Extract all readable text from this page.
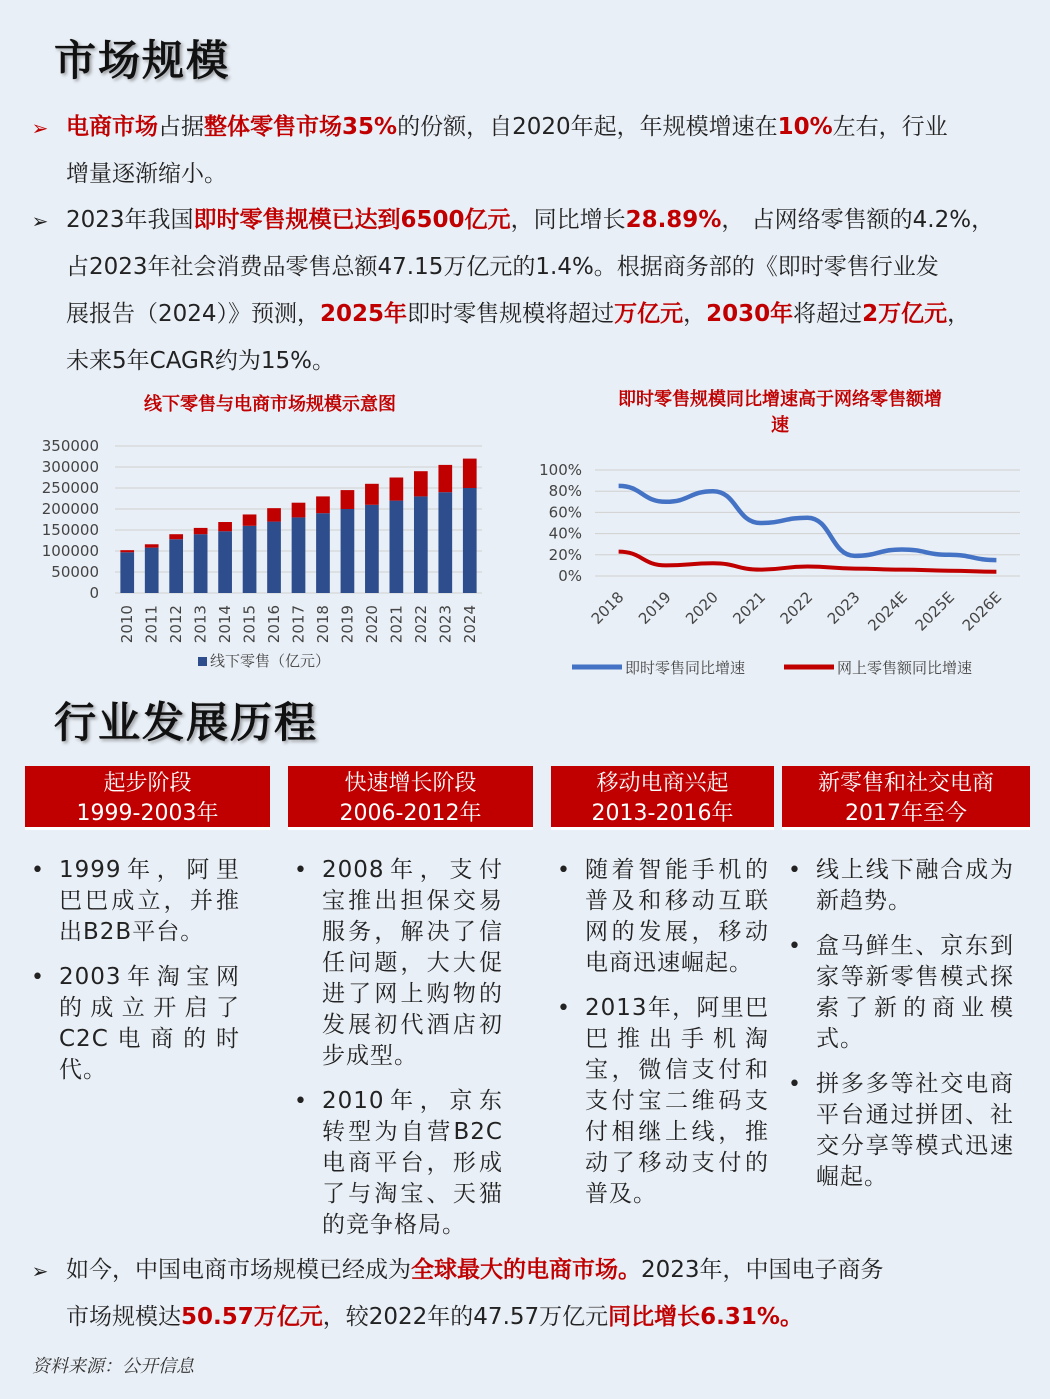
市场规模
➢ 电商市场占据整体零售市场35%的份额，自2020年起，年规模增速在10%左右，行业
增量逐渐缩小。
➢ 2023年我国即时零售规模已达到6500亿元，同比增长28.89%， 占网络零售额的4.2%，
占2023年社会消费品零售总额47.15万亿元的1.4%。根据商务部的《即时零售行业发
展报告（2024）》预测，2025年即时零售规模将超过万亿元，2030年将超过2万亿元，
未来5年CAGR约为15%。
线下零售与电商市场规模示意图
350000
300000
250000
200000
150000
100000
50000
0
2010 2011 2012 2013 2014 2015 2016 2017 2018 2019 2020 2021 2022 2023 2024
线下零售（亿元）
即时零售规模同比增速高于网络零售额增
速
100%
80%
60%
40%
20%
0%
2018 2019 2020 2021 2022 2023 2024E 2025E 2026E
即时零售同比增速	网上零售额同比增速
行业发展历程
起步阶段
1999-2003年
• 1999年，阿里巴巴成立，并推出B2B平台。
• 2003年淘宝网的成立开启了C2C电商的时代。
快速增长阶段
2006-2012年
• 2008年，支付宝推出担保交易服务，解决了信任问题，大大促进了网上购物的发展初代酒店初步成型。
• 2010年，京东转型为自营B2C电商平台，形成了与淘宝、天猫的竞争格局。
移动电商兴起
2013-2016年
• 随着智能手机的普及和移动互联网的发展，移动电商迅速崛起。
• 2013年，阿里巴巴推出手机淘宝，微信支付和支付宝二维码支付相继上线，推动了移动支付的普及。
新零售和社交电商
2017年至今
• 线上线下融合成为新趋势。
• 盒马鲜生、京东到家等新零售模式探索了新的商业模式。
• 拼多多等社交电商平台通过拼团、社交分享等模式迅速崛起。
➢ 如今，中国电商市场规模已经成为全球最大的电商市场。2023年，中国电子商务
市场规模达50.57万亿元，较2022年的47.57万亿元同比增长6.31%。
资料来源：公开信息
